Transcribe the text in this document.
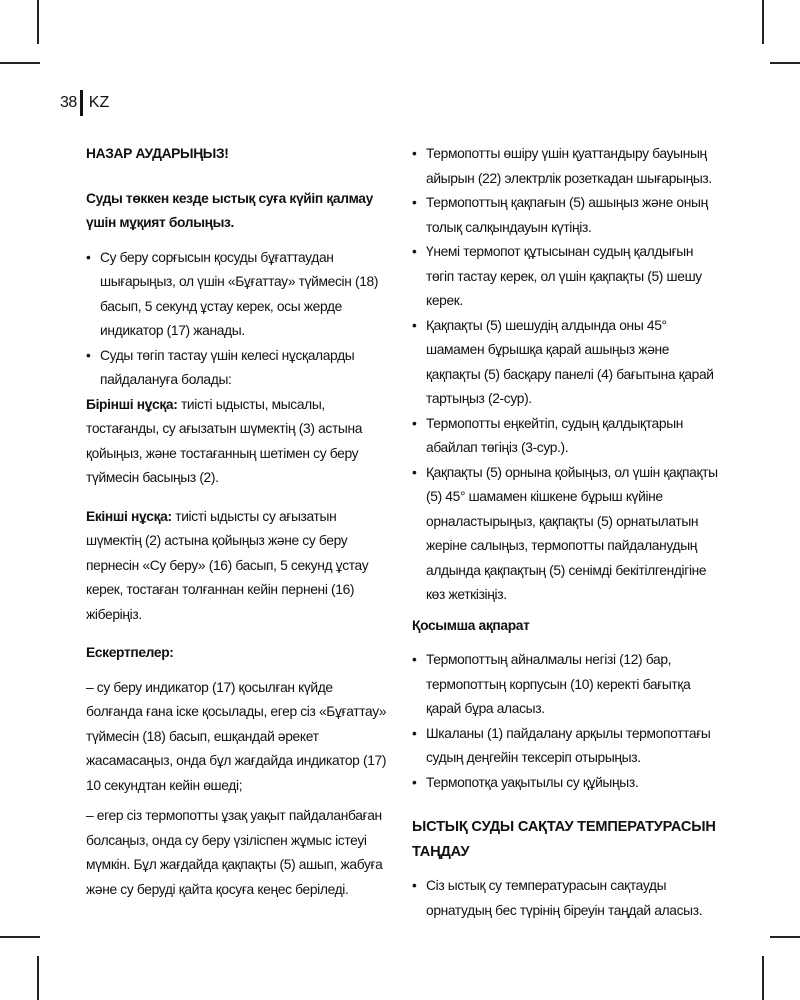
38 KZ

НАЗАР АУДАРЫҢЫЗ!

Суды төккен кезде ыстық суға күйіп қалмау үшін мұқият болыңыз.

• Су беру сорғысын қосуды бұғаттаудан шығарыңыз, ол үшін «Бұғаттау» түймесін (18) басып, 5 секунд ұстау керек, осы жерде индикатор (17) жанады.

• Суды төгіп тастау үшін келесі нұсқаларды пайдалануға болады:

Бірінші нұсқа: тиісті ыдысты, мысалы, тостағанды, су ағызатын шүмектің (3) астына қойыңыз, және тостағанның шетімен су беру түймесін басыңыз (2).

Екінші нұсқа: тиісті ыдысты су ағызатын шүмектің (2) астына қойыңыз және су беру пернесін «Су беру» (16) басып, 5 секунд ұстау керек, тостаған толғаннан кейін пернені (16) жіберіңіз.

Ескертпелер:

– су беру индикатор (17) қосылған күйде болғанда ғана іске қосылады, егер сіз «Бұғаттау» түймесін (18) басып, ешқандай әрекет жасамасаңыз, онда бұл жағдайда индикатор (17) 10 секундтан кейін өшеді;

– егер сіз термопотты ұзақ уақыт пайдаланбаған болсаңыз, онда су беру үзіліспен жұмыс істеуі мүмкін. Бұл жағдайда қақпақты (5) ашып, жабуға және су беруді қайта қосуға кеңес беріледі.

• Термопотты өшіру үшін қуаттандыру бауының айырын (22) электрлік розеткадан шығарыңыз.

• Термопоттың қақпағын (5) ашыңыз және оның толық салқындауын күтіңіз.

• Үнемі термопот құтысынан судың қалдығын төгіп тастау керек, ол үшін қақпақты (5) шешу керек.

• Қақпақты (5) шешудің алдында оны 45° шамамен бұрышқа қарай ашыңыз және қақпақты (5) басқару панелі (4) бағытына қарай тартыңыз (2-сур).

• Термопотты еңкейтіп, судың қалдықтарын абайлап төгіңіз (3-сур.).

• Қақпақты (5) орнына қойыңыз, ол үшін қақпақты (5) 45° шамамен кішкене бұрыш күйіне орналастырыңыз, қақпақты (5) орнатылатын жеріне салыңыз, термопотты пайдаланудың алдында қақпақтың (5) сенімді бекітілгендігіне көз жеткізіңіз.

Қосымша ақпарат

• Термопоттың айналмалы негізі (12) бар, термопоттың корпусын (10) керекті бағытқа қарай бұра аласыз.

• Шкаланы (1) пайдалану арқылы термопоттағы судың деңгейін тексеріп отырыңыз.

• Термопотқа уақытылы су құйыңыз.

ЫСТЫҚ СУДЫ САҚТАУ ТЕМПЕРАТУРАСЫН ТАҢДАУ

• Сіз ыстық су температурасын сақтауды орнатудың бес түрінің біреуін таңдай аласыз.
